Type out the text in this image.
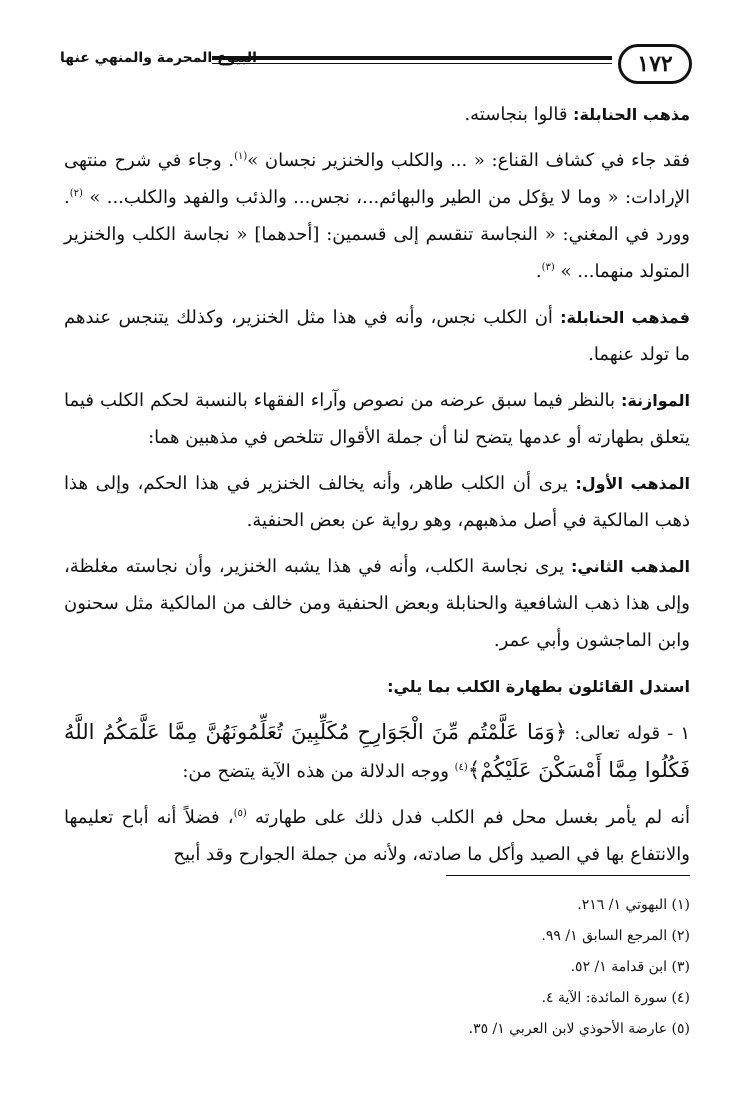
١٧٢
البيوع المحرمة والمنهي عنها

مذهب الحنابلة: قالوا بنجاسته.

فقد جاء في كشاف القناع: « ... والكلب والخنزير نجسان »$^{(١)}$. وجاء في شرح منتهى الإرادات: « وما لا يؤكل من الطير والبهائم...، نجس... والذئب والفهد والكلب... » $^{(٢)}$. وورد في المغني: « النجاسة تنقسم إلى قسمين: [أحدهما] « نجاسة الكلب والخنزير المتولد منهما... » $^{(٣)}$.

فمذهب الحنابلة: أن الكلب نجس، وأنه في هذا مثل الخنزير، وكذلك يتنجس عندهم ما تولد عنهما.

الموازنة: بالنظر فيما سبق عرضه من نصوص وآراء الفقهاء بالنسبة لحكم الكلب فيما يتعلق بطهارته أو عدمها يتضح لنا أن جملة الأقوال تتلخص في مذهبين هما:

المذهب الأول: يرى أن الكلب طاهر، وأنه يخالف الخنزير في هذا الحكم، وإلى هذا ذهب المالكية في أصل مذهبهم، وهو رواية عن بعض الحنفية.

المذهب الثاني: يرى نجاسة الكلب، وأنه في هذا يشبه الخنزير، وأن نجاسته مغلظة، وإلى هذا ذهب الشافعية والحنابلة وبعض الحنفية ومن خالف من المالكية مثل سحنون وابن الماجشون وأبي عمر.

استدل القائلون بطهارة الكلب بما يلي:

١ - قوله تعالى: ﴿وَمَا عَلَّمْتُم مِّنَ الْجَوَارِحِ مُكَلِّبِينَ تُعَلِّمُونَهُنَّ مِمَّا عَلَّمَكُمُ اللَّهُ فَكُلُوا مِمَّا أَمْسَكْنَ عَلَيْكُمْ﴾$^{(٤)}$ ووجه الدلالة من هذه الآية يتضح من:

أنه لم يأمر بغسل محل فم الكلب فدل ذلك على طهارته $^{(٥)}$، فضلاً أنه أباح تعليمها والانتفاع بها في الصيد وأكل ما صادته، ولأنه من جملة الجوارح وقد أبيح

(١) البهوتي ١/ ٢١٦.

(٢) المرجع السابق ١/ ٩٩.

(٣) ابن قدامة ١/ ٥٢.

(٤) سورة المائدة: الآية ٤.

(٥) عارضة الأحوذي لابن العربي ١/ ٣٥.
